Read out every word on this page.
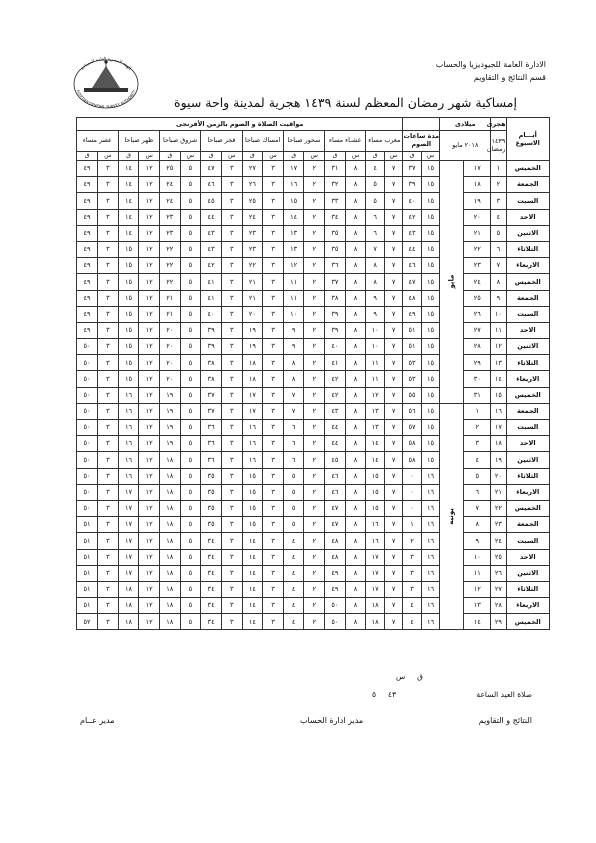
الادارة العامة للجيوديزيا والحساب
قسم النتائج و التقاويم
الهيئة المصرية العامة للمساحة
EGYPTIAN GENERAL SURVEY AUTHORITY
إمساكية شهر رمضان المعظم لسنة ١٤٣٩ هجرية لمدينة واحة سيوة
أيـــام الاسبوع	هجرى	ميلادى				مواقيت الصلاة و الصوم بالزمن الأفرنجى															
	١٤٣٩ رمضان	٢٠١٨ مايو		مدة ساعات الصوم		مغرب مساء		عشـاء مساء		سحور صباحا		امساك صباحا		فجر صباحا		شروق صباحا		ظهر صباحا		عصر مساء	
				س	ق	س	ق	س	ق	س	ق	س	ق	س	ق	س	ق	س	ق	س	ق
الخميس	١	١٧	مايو	١٥	٣٧	٧	٤	٨	٣١	٢	١٧	٣	٢٧	٣	٤٧	٥	٢٥	١٢	١٤	٣	٤٩
الجمعة	٢	١٨		١٥	٣٩	٧	٥	٨	٣٢	٢	١٦	٣	٢٦	٣	٤٦	٥	٢٤	١٢	١٤	٣	٤٩
السبت	٣	١٩		١٥	٤٠	٧	٥	٨	٣٣	٢	١٥	٣	٢٥	٣	٤٥	٥	٢٤	١٢	١٤	٣	٤٩
الاحد	٤	٢٠		١٥	٤٢	٧	٦	٨	٣٤	٢	١٤	٣	٢٤	٣	٤٤	٥	٢٣	١٢	١٤	٣	٤٩
الاثنين	٥	٢١		١٥	٤٣	٧	٦	٨	٣٥	٢	١٣	٣	٢٣	٣	٤٣	٥	٢٣	١٢	١٤	٣	٤٩
الثلاثاء	٦	٢٢		١٥	٤٤	٧	٧	٨	٣٥	٢	١٣	٣	٢٣	٣	٤٣	٥	٢٢	١٢	١٥	٣	٤٩
الاربعاء	٧	٢٣		١٥	٤٦	٧	٨	٨	٣٦	٢	١٢	٣	٢٢	٣	٤٢	٥	٢٢	١٢	١٥	٣	٤٩
الخميس	٨	٢٤		١٥	٤٧	٧	٨	٨	٣٧	٢	١١	٣	٢١	٣	٤١	٥	٢٢	١٢	١٥	٣	٤٩
الجمعة	٩	٢٥		١٥	٤٨	٧	٩	٨	٣٨	٢	١١	٣	٢١	٣	٤١	٥	٢١	١٢	١٥	٣	٤٩
السبت	١٠	٢٦		١٥	٤٩	٧	٩	٨	٣٩	٢	١٠	٣	٢٠	٣	٤٠	٥	٢١	١٢	١٥	٣	٤٩
الاحد	١١	٢٧		١٥	٥١	٧	١٠	٨	٣٩	٢	٩	٣	١٩	٣	٣٩	٥	٢٠	١٢	١٥	٣	٤٩
الاثنين	١٢	٢٨		١٥	٥١	٧	١٠	٨	٤٠	٢	٩	٣	١٩	٣	٣٩	٥	٢٠	١٢	١٥	٣	٥٠
الثلاثاء	١٣	٢٩		١٥	٥٣	٧	١١	٨	٤١	٢	٨	٣	١٨	٣	٣٨	٥	٢٠	١٢	١٥	٣	٥٠
الاربعاء	١٤	٣٠		١٥	٥٣	٧	١١	٨	٤٢	٢	٨	٣	١٨	٣	٣٨	٥	٢٠	١٢	١٥	٣	٥٠
الخميس	١٥	٣١		١٥	٥٥	٧	١٢	٨	٤٢	٢	٧	٣	١٧	٣	٣٧	٥	١٩	١٢	١٦	٣	٥٠
الجمعة	١٦	١	يونيه	١٥	٥٦	٧	١٣	٨	٤٣	٢	٧	٣	١٧	٣	٣٧	٥	١٩	١٢	١٦	٣	٥٠
السبت	١٧	٢		١٥	٥٧	٧	١٣	٨	٤٤	٢	٦	٣	١٦	٣	٣٦	٥	١٩	١٢	١٦	٣	٥٠
الاحد	١٨	٣		١٥	٥٨	٧	١٤	٨	٤٤	٢	٦	٣	١٦	٣	٣٦	٥	١٩	١٢	١٦	٣	٥٠
الاثنين	١٩	٤		١٥	٥٨	٧	١٤	٨	٤٥	٢	٦	٣	١٦	٣	٣٦	٥	١٨	١٢	١٦	٣	٥٠
الثلاثاء	٢٠	٥		١٦	٠	٧	١٥	٨	٤٦	٢	٥	٣	١٥	٣	٣٥	٥	١٨	١٢	١٦	٣	٥٠
الاربعاء	٢١	٦		١٦	٠	٧	١٥	٨	٤٦	٢	٥	٣	١٥	٣	٣٥	٥	١٨	١٢	١٧	٣	٥٠
الخميس	٢٢	٧		١٦	٠	٧	١٥	٨	٤٧	٢	٥	٣	١٥	٣	٣٥	٥	١٨	١٢	١٧	٣	٥٠
الجمعة	٢٣	٨		١٦	١	٧	١٦	٨	٤٧	٢	٥	٣	١٥	٣	٣٥	٥	١٨	١٢	١٧	٣	٥١
السبت	٢٤	٩		١٦	٢	٧	١٦	٨	٤٨	٢	٤	٣	١٤	٣	٣٤	٥	١٨	١٢	١٧	٣	٥١
الاحد	٢٥	١٠		١٦	٣	٧	١٧	٨	٤٨	٢	٤	٣	١٤	٣	٣٤	٥	١٨	١٢	١٧	٣	٥١
الاثنين	٢٦	١١		١٦	٣	٧	١٧	٨	٤٩	٢	٤	٣	١٤	٣	٣٤	٥	١٨	١٢	١٧	٣	٥١
الثلاثاء	٢٧	١٢		١٦	٣	٧	١٧	٨	٤٩	٢	٤	٣	١٤	٣	٣٤	٥	١٨	١٢	١٨	٣	٥١
الاربعاء	٢٨	١٣		١٦	٤	٧	١٨	٨	٥٠	٢	٤	٣	١٤	٣	٣٤	٥	١٨	١٢	١٨	٣	٥١
الخميس	٢٩	١٤		١٦	٤	٧	١٨	٨	٥٠	٢	٤	٣	١٤	٣	٣٤	٥	١٨	١٢	١٨	٣	٥٢
ق     س
صلاة العيد الساعة
٤٣     ٥
النتائج و التقاويم
مدير ادارة الحساب
مدير عــام
